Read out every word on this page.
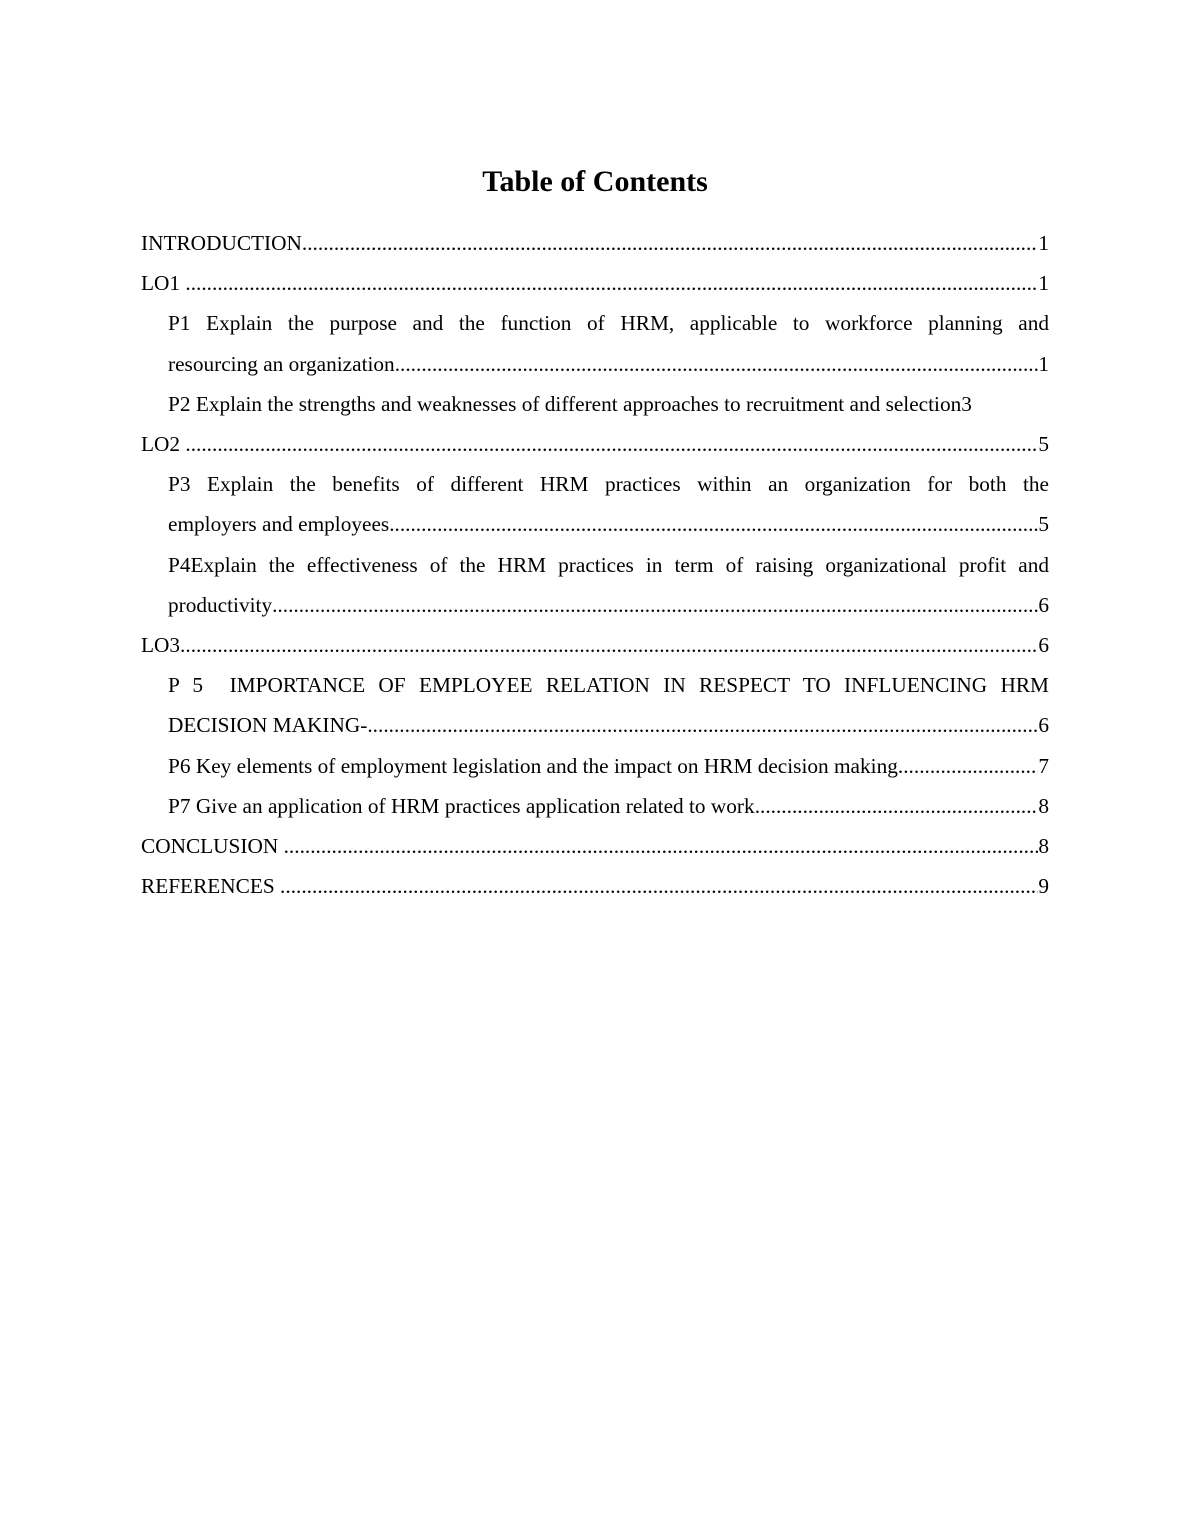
Table of Contents
INTRODUCTION .....	1
LO1 .....	1
P1 Explain the purpose and the function of HRM, applicable to workforce planning and
resourcing an organization .....	1
P2 Explain the strengths and weaknesses of different approaches to recruitment and selection 3
LO2 .....	5
P3 Explain the benefits of different HRM practices within an organization for both the
employers and employees .....	5
P4Explain the effectiveness of the HRM practices in term of raising organizational profit and
productivity .....	6
LO3 .....	6
P 5  IMPORTANCE OF EMPLOYEE RELATION IN RESPECT TO INFLUENCING HRM
DECISION MAKING- .....	6
P6 Key elements of employment legislation and the impact on HRM decision making .....	7
P7 Give an application of HRM practices application related to work .....	8
CONCLUSION .....	8
REFERENCES .....	9
